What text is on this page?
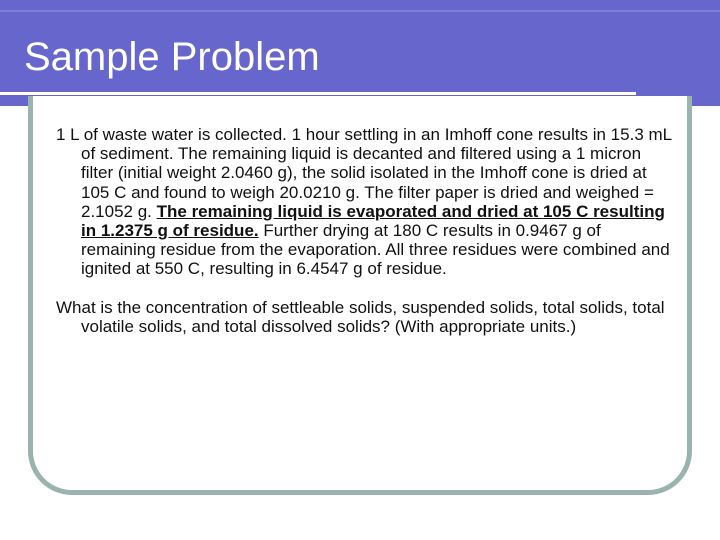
Sample Problem

1 L of waste water is collected. 1 hour settling in an Imhoff cone results in 15.3 mL of sediment. The remaining liquid is decanted and filtered using a 1 micron filter (initial weight 2.0460 g), the solid isolated in the Imhoff cone is dried at 105 C and found to weigh 20.0210 g. The filter paper is dried and weighed = 2.1052 g. The remaining liquid is evaporated and dried at 105 C resulting in 1.2375 g of residue. Further drying at 180 C results in 0.9467 g of remaining residue from the evaporation. All three residues were combined and ignited at 550 C, resulting in 6.4547 g of residue.

What is the concentration of settleable solids, suspended solids, total solids, total volatile solids, and total dissolved solids? (With appropriate units.)
